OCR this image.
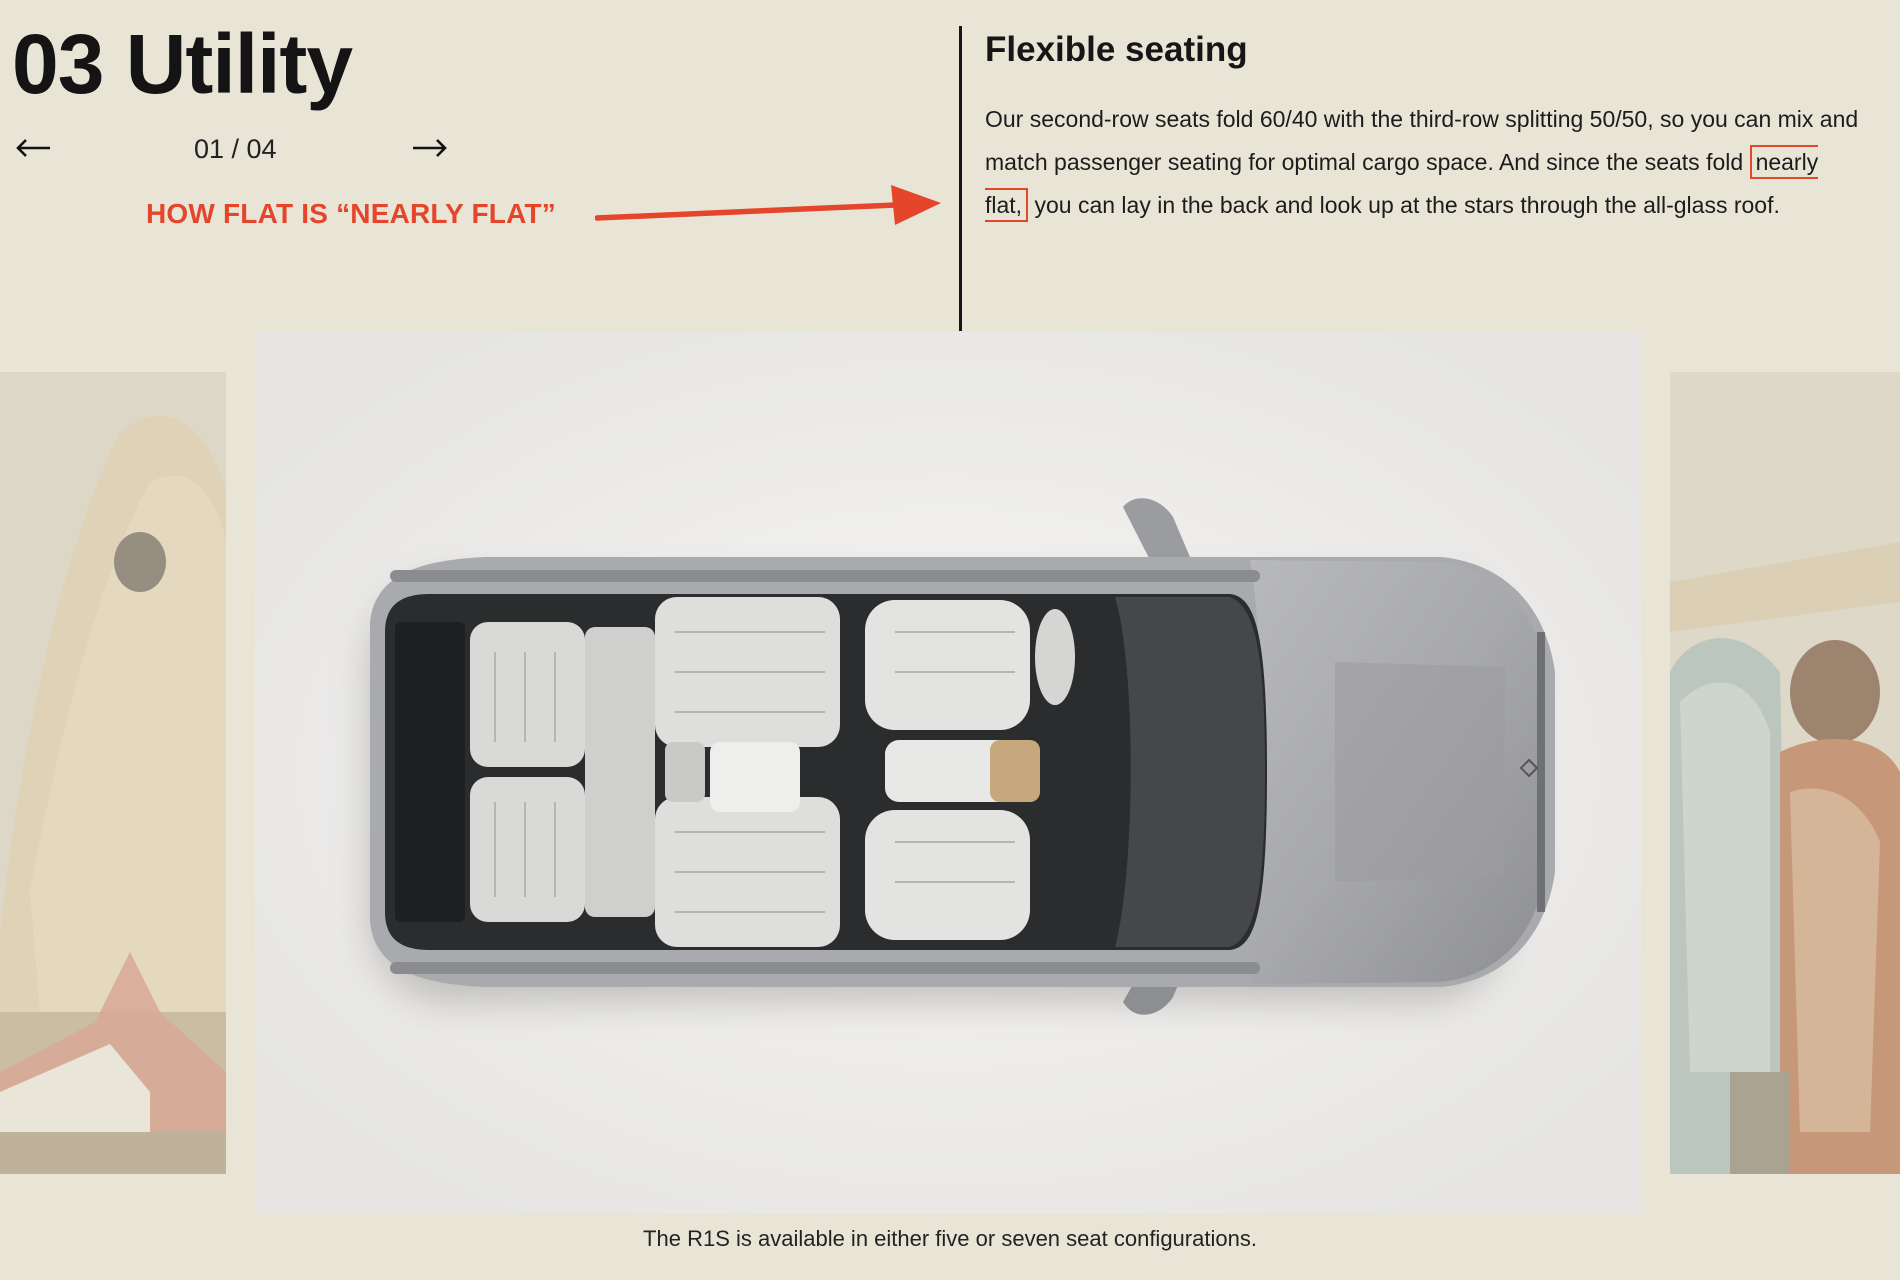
03 Utility
01 / 04
HOW FLAT IS “NEARLY FLAT”
Flexible seating

Our second-row seats fold 60/40 with the third-row splitting 50/50, so you can mix and match passenger seating for optimal cargo space. And since the seats fold nearly flat, you can lay in the back and look up at the stars through the all-glass roof.

The R1S is available in either five or seven seat configurations.
